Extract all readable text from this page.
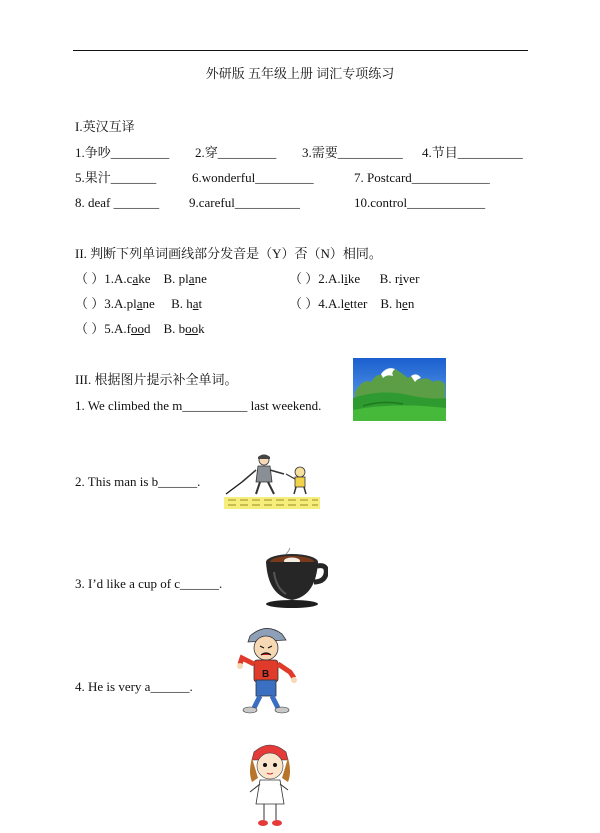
外研版 五年级上册 词汇专项练习
I.英汉互译
1.争吵_________ 2.穿_________ 3.需要__________ 4.节目__________
5.果汁_______	6.wonderful_________	7. Postcard____________
8. deaf _______ 9.careful__________	10.control____________
II. 判断下列单词画线部分发音是（Y）否（N）相同。
（ ）1.A.cake B. plane	（ ）2.A.like B. river
（ ）3.A.plane B. hat	（ ）4.A.letter B. hen
（ ）5.A.food B. book
III. 根据图片提示补全单词。
1. We climbed the m__________ last weekend.
2. This man is b______.
3. I’d like a cup of c______.
4. He is very a______.
B
